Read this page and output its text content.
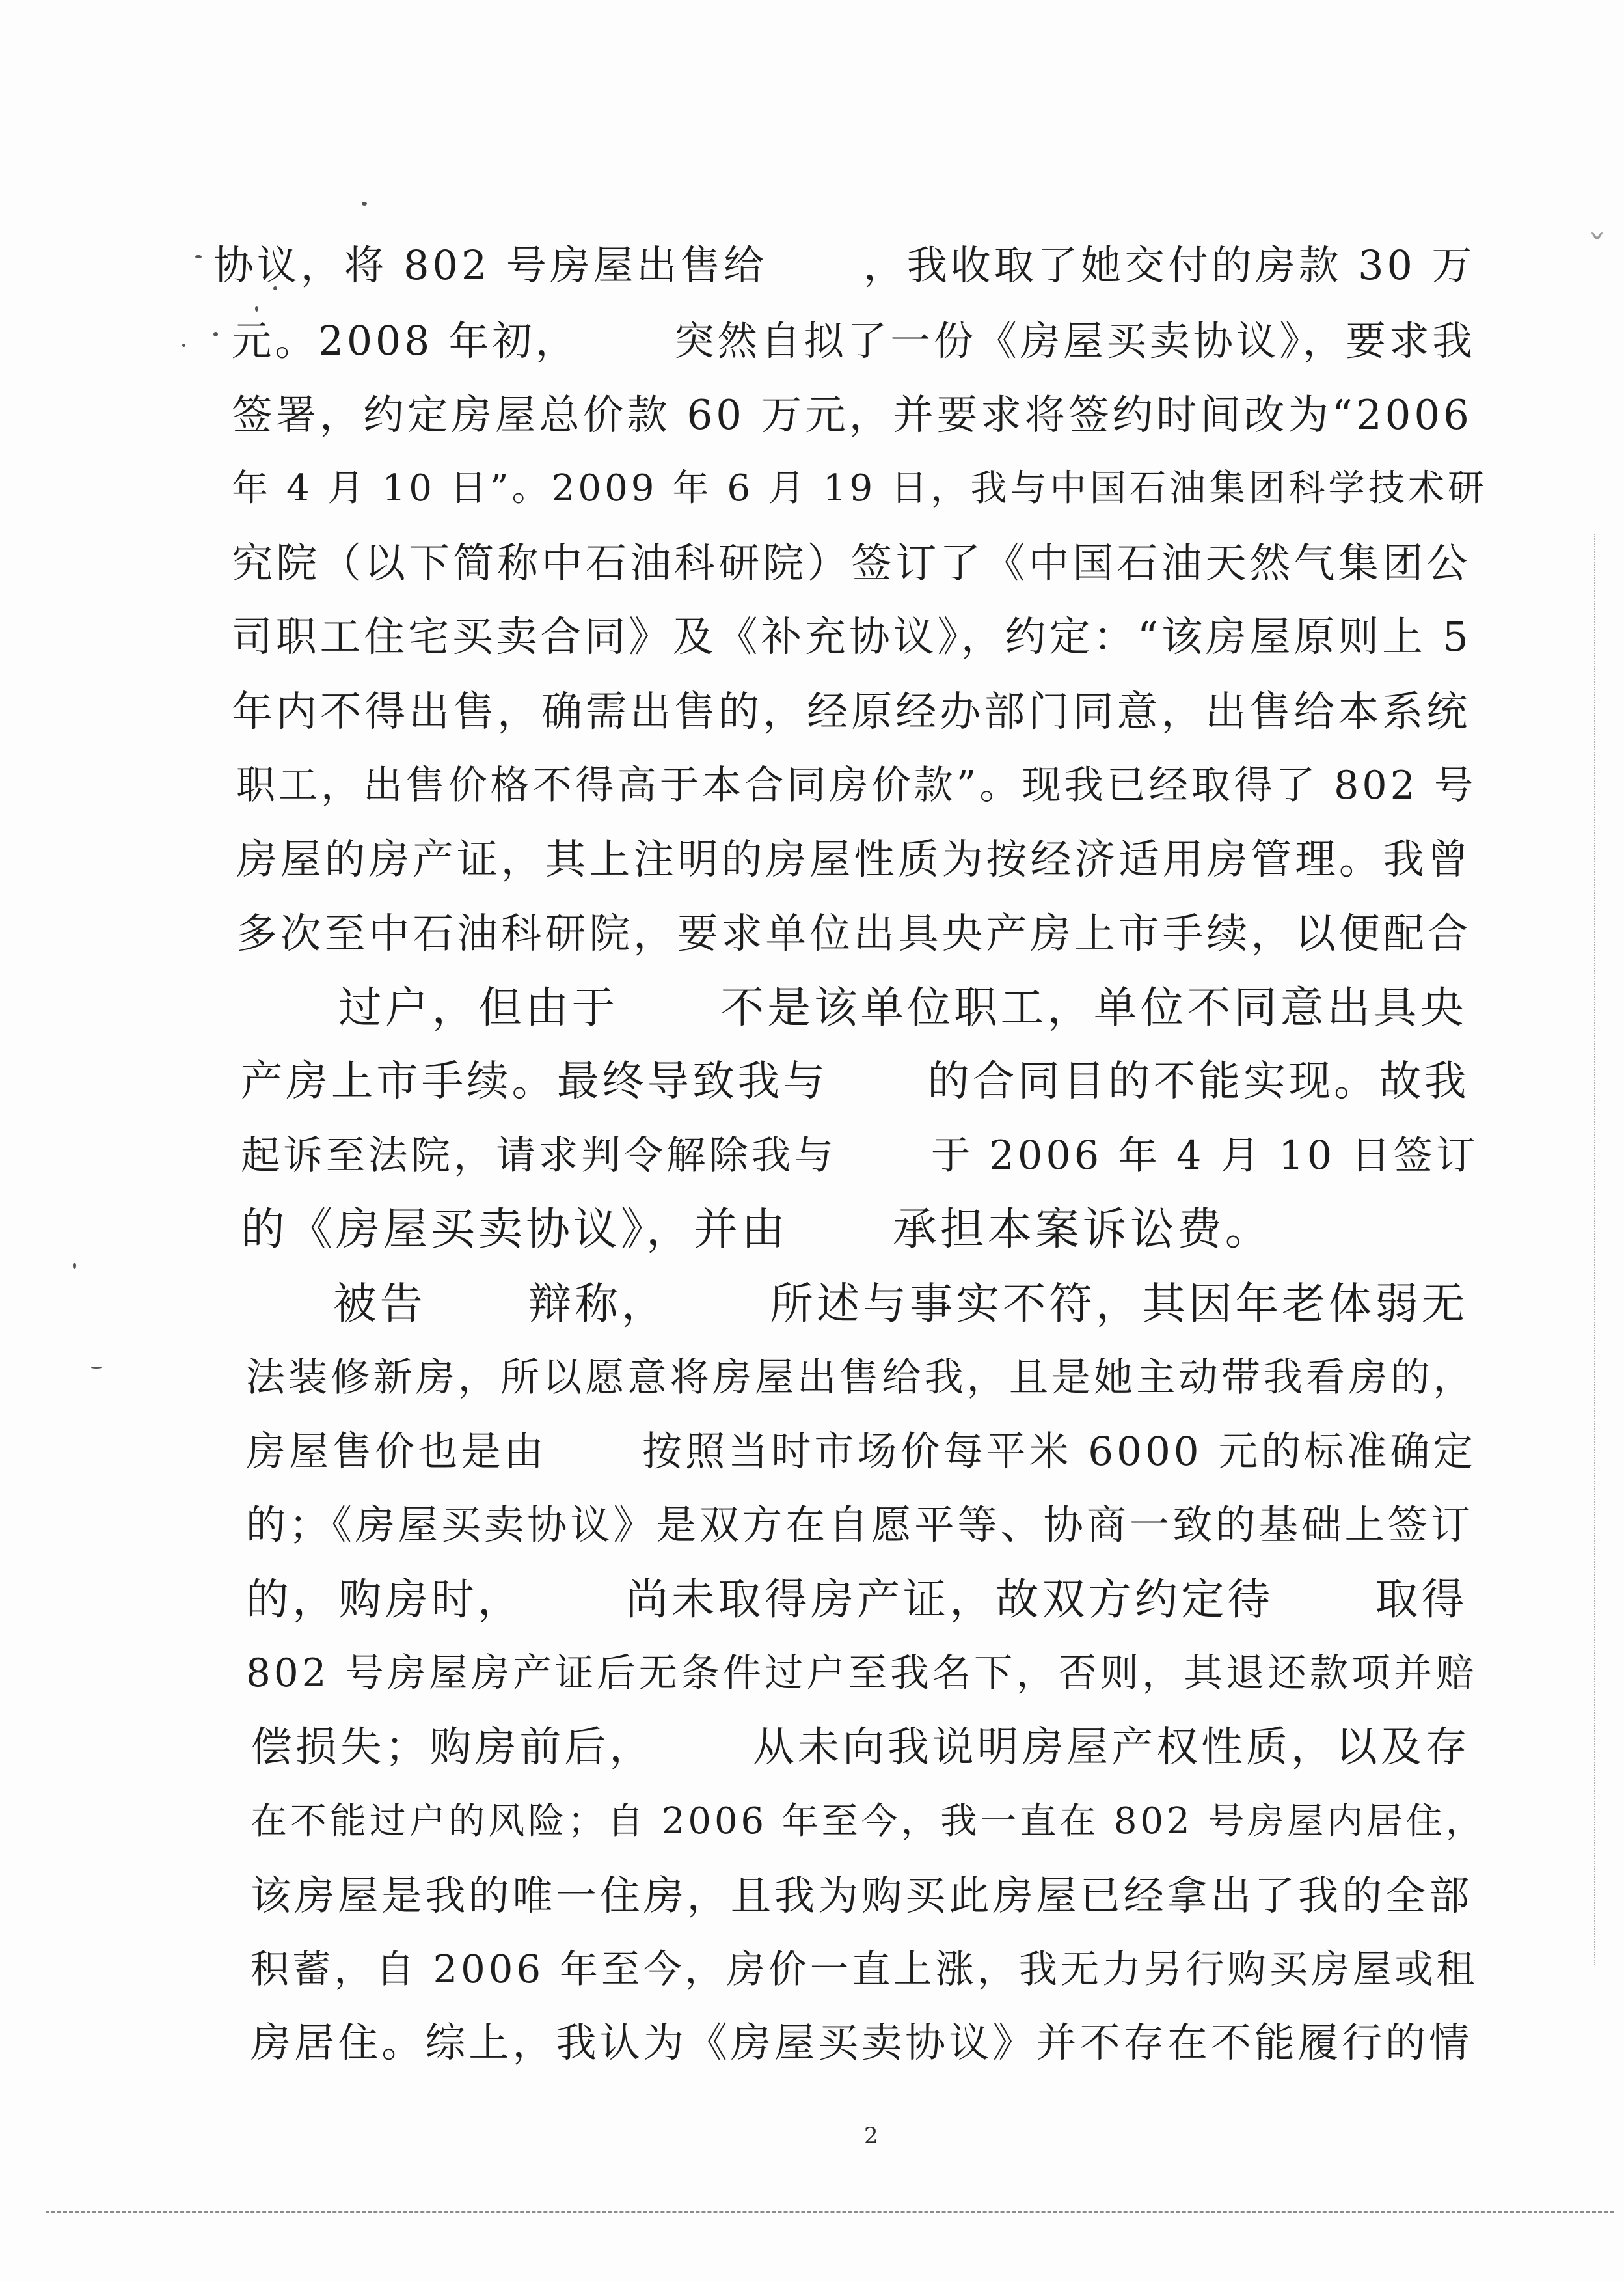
ˇ
协议，将 802 号房屋出售给      ，我收取了她交付的房款 30 万
元。2008 年初，      突然自拟了一份《房屋买卖协议》，要求我
签署，约定房屋总价款 60 万元，并要求将签约时间改为“2006
年 4 月 10 日”。2009 年 6 月 19 日，我与中国石油集团科学技术研
究院（以下简称中石油科研院）签订了《中国石油天然气集团公
司职工住宅买卖合同》及《补充协议》，约定：“该房屋原则上 5
年内不得出售，确需出售的，经原经办部门同意，出售给本系统
职工，出售价格不得高于本合同房价款”。现我已经取得了 802 号
房屋的房产证，其上注明的房屋性质为按经济适用房管理。我曾
多次至中石油科研院，要求单位出具央产房上市手续，以便配合
过户，但由于      不是该单位职工，单位不同意出具央
产房上市手续。最终导致我与      的合同目的不能实现。故我
起诉至法院，请求判令解除我与      于 2006 年 4 月 10 日签订
的《房屋买卖协议》，并由      承担本案诉讼费。
被告      辩称，      所述与事实不符，其因年老体弱无
法装修新房，所以愿意将房屋出售给我，且是她主动带我看房的，
房屋售价也是由      按照当时市场价每平米 6000 元的标准确定
的；《房屋买卖协议》是双方在自愿平等、协商一致的基础上签订
的，购房时，      尚未取得房产证，故双方约定待      取得
802 号房屋房产证后无条件过户至我名下，否则，其退还款项并赔
偿损失；购房前后，      从未向我说明房屋产权性质，以及存
在不能过户的风险；自 2006 年至今，我一直在 802 号房屋内居住，
该房屋是我的唯一住房，且我为购买此房屋已经拿出了我的全部
积蓄，自 2006 年至今，房价一直上涨，我无力另行购买房屋或租
房居住。综上，我认为《房屋买卖协议》并不存在不能履行的情
2
